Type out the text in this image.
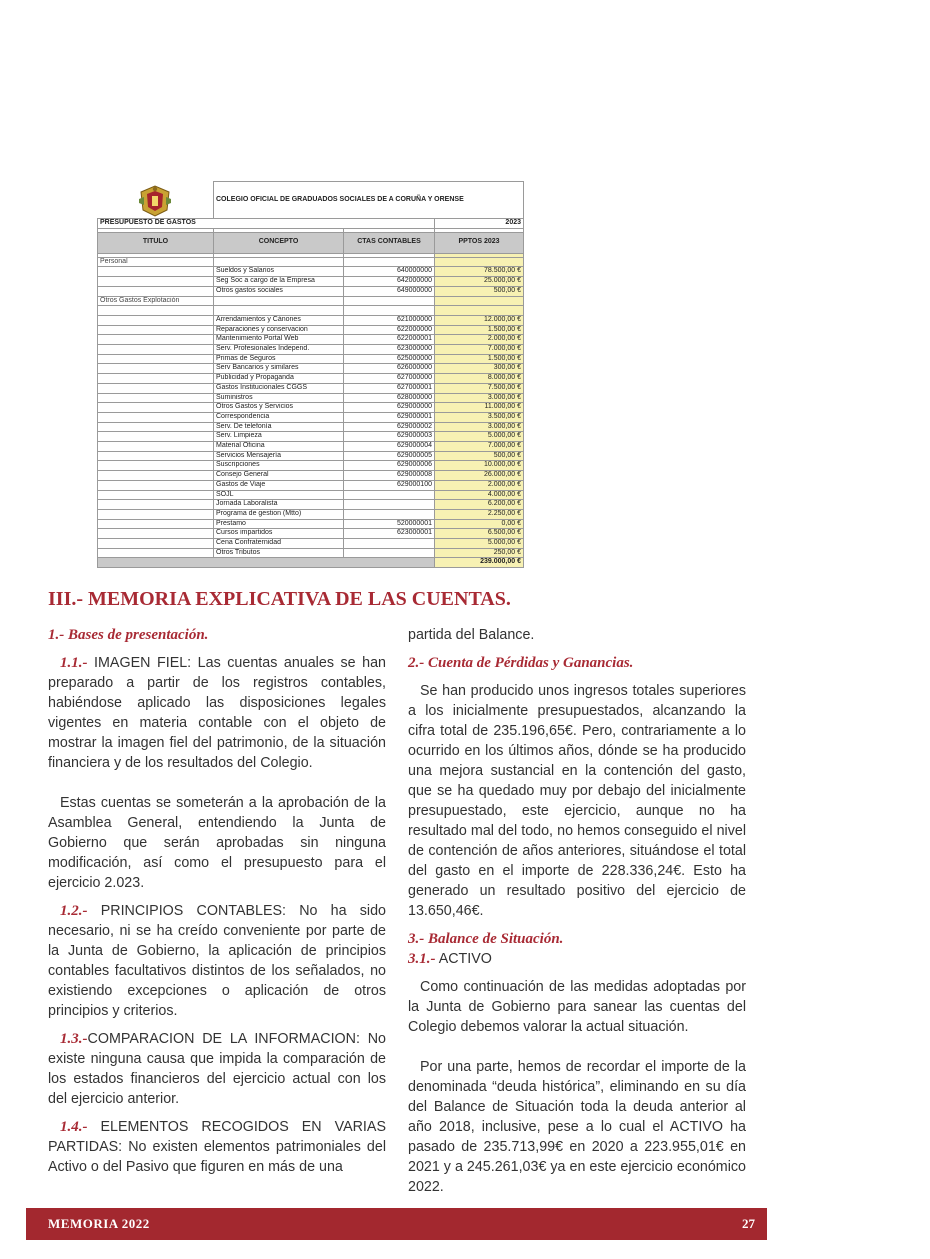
	COLEGIO OFICIAL DE GRADUADOS SOCIALES DE A CORUÑA Y ORENSE		
PRESUPUESTO DE GASTOS			2023

TITULO	CONCEPTO	CTAS CONTABLES	PPTOS 2023

Personal			
	Sueldos y Salarios	640000000	78.500,00 €
	Seg Soc a cargo de la Empresa	642000000	25.000,00 €
	Otros gastos sociales	649000000	500,00 €
Otros Gastos Explotación			

	Arrendamientos y Cánones	621000000	12.000,00 €
	Reparaciones y conservacion	622000000	1.500,00 €
	Mantenimiento Portal Web	622000001	2.000,00 €
	Serv. Profesionales Independ.	623000000	7.000,00 €
	Primas de Seguros	625000000	1.500,00 €
	Serv Bancarios y similares	626000000	300,00 €
	Publicidad y Propaganda	627000000	8.000,00 €
	Gastos Institucionales CGGS	627000001	7.500,00 €
	Suministros	628000000	3.000,00 €
	Otros Gastos y Servicios	629000000	11.000,00 €
	Correspondencia	629000001	3.500,00 €
	Serv. De telefonía	629000002	3.000,00 €
	Serv. Limpieza	629000003	5.000,00 €
	Material Oficina	629000004	7.000,00 €
	Servicios Mensajería	629000005	500,00 €
	Suscripciones	629000006	10.000,00 €
	Consejo General	629000008	26.000,00 €
	Gastos de Viaje	629000100	2.000,00 €
	SOJL		4.000,00 €
	Jornada Laboralista		6.200,00 €
	Programa de gestion (Mtto)		2.250,00 €
	Prestamo	520000001	0,00 €
	Cursos impartidos	623000001	6.500,00 €
	Cena Confraternidad		5.000,00 €
	Otros Tributos		250,00 €
			239.000,00 €
III.- MEMORIA EXPLICATIVA DE LAS CUENTAS.

1.- Bases de presentación.

1.1.- IMAGEN FIEL: Las cuentas anuales se han preparado a partir de los registros contables, habiéndose aplicado las disposiciones legales vigentes en materia contable con el objeto de mostrar la imagen fiel del patrimonio, de la situación financiera y de los resultados del Colegio.

Estas cuentas se someterán a la aprobación de la Asamblea General, entendiendo la Junta de Gobierno que serán aprobadas sin ninguna modificación, así como el presupuesto para el ejercicio 2.023.

1.2.- PRINCIPIOS CONTABLES: No ha sido necesario, ni se ha creído conveniente por parte de la Junta de Gobierno, la aplicación de principios contables facultativos distintos de los señalados, no existiendo excepciones o aplicación de otros principios y criterios.

1.3.-COMPARACION DE LA INFORMACION: No existe ninguna causa que impida la comparación de los estados financieros del ejercicio actual con los del ejercicio anterior.

1.4.- ELEMENTOS RECOGIDOS EN VARIAS PARTIDAS: No existen elementos patrimoniales del Activo o del Pasivo que figuren en más de una

partida del Balance.

2.- Cuenta de Pérdidas y Ganancias.

Se han producido unos ingresos totales superiores a los inicialmente presupuestados, alcanzando la cifra total de 235.196,65€. Pero, contrariamente a lo ocurrido en los últimos años, dónde se ha producido una mejora sustancial en la contención del gasto, que se ha quedado muy por debajo del inicialmente presupuestado, este ejercicio, aunque no ha resultado mal del todo, no hemos conseguido el nivel de contención de años anteriores, situándose el total del gasto en el importe de 228.336,24€. Esto ha generado un resultado positivo del ejercicio de 13.650,46€.

3.- Balance de Situación.

3.1.- ACTIVO

Como continuación de las medidas adoptadas por la Junta de Gobierno para sanear las cuentas del Colegio debemos valorar la actual situación.

Por una parte, hemos de recordar el importe de la denominada “deuda histórica”, eliminando en su día del Balance de Situación toda la deuda anterior al año 2018, inclusive, pese a lo cual el ACTIVO ha pasado de 235.713,99€ en 2020 a 223.955,01€ en 2021 y a 245.261,03€ ya en este ejercicio económico 2022.

MEMORIA 2022	27
